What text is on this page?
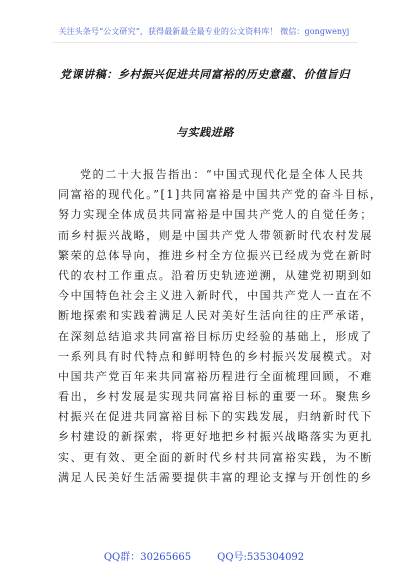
关注头条号“公文研究”，获得最新最全最专业的公文资料库！ 微信：gongwenyj
党课讲稿：乡村振兴促进共同富裕的历史意蕴、价值旨归
与实践进路
党的二十大报告指出：“中国式现代化是全体人民共
同富裕的现代化。”[1]共同富裕是中国共产党的奋斗目标，
努力实现全体成员共同富裕是中国共产党人的自觉任务；
而乡村振兴战略，则是中国共产党人带领新时代农村发展
繁荣的总体导向，推进乡村全方位振兴已经成为党在新时
代的农村工作重点。沿着历史轨迹逆溯，从建党初期到如
今中国特色社会主义进入新时代，中国共产党人一直在不
断地探索和实践着满足人民对美好生活向往的庄严承诺，
在深刻总结追求共同富裕目标历史经验的基础上，形成了
一系列具有时代特点和鲜明特色的乡村振兴发展模式。对
中国共产党百年来共同富裕历程进行全面梳理回顾，不难
看出，乡村发展是实现共同富裕目标的重要一环。聚焦乡
村振兴在促进共同富裕目标下的实践发展，归纳新时代下
乡村建设的新探索，将更好地把乡村振兴战略落实为更扎
实、更有效、更全面的新时代乡村共同富裕实践，为不断
满足人民美好生活需要提供丰富的理论支撑与开创性的乡
QQ群：30265665	QQ号:535304092
